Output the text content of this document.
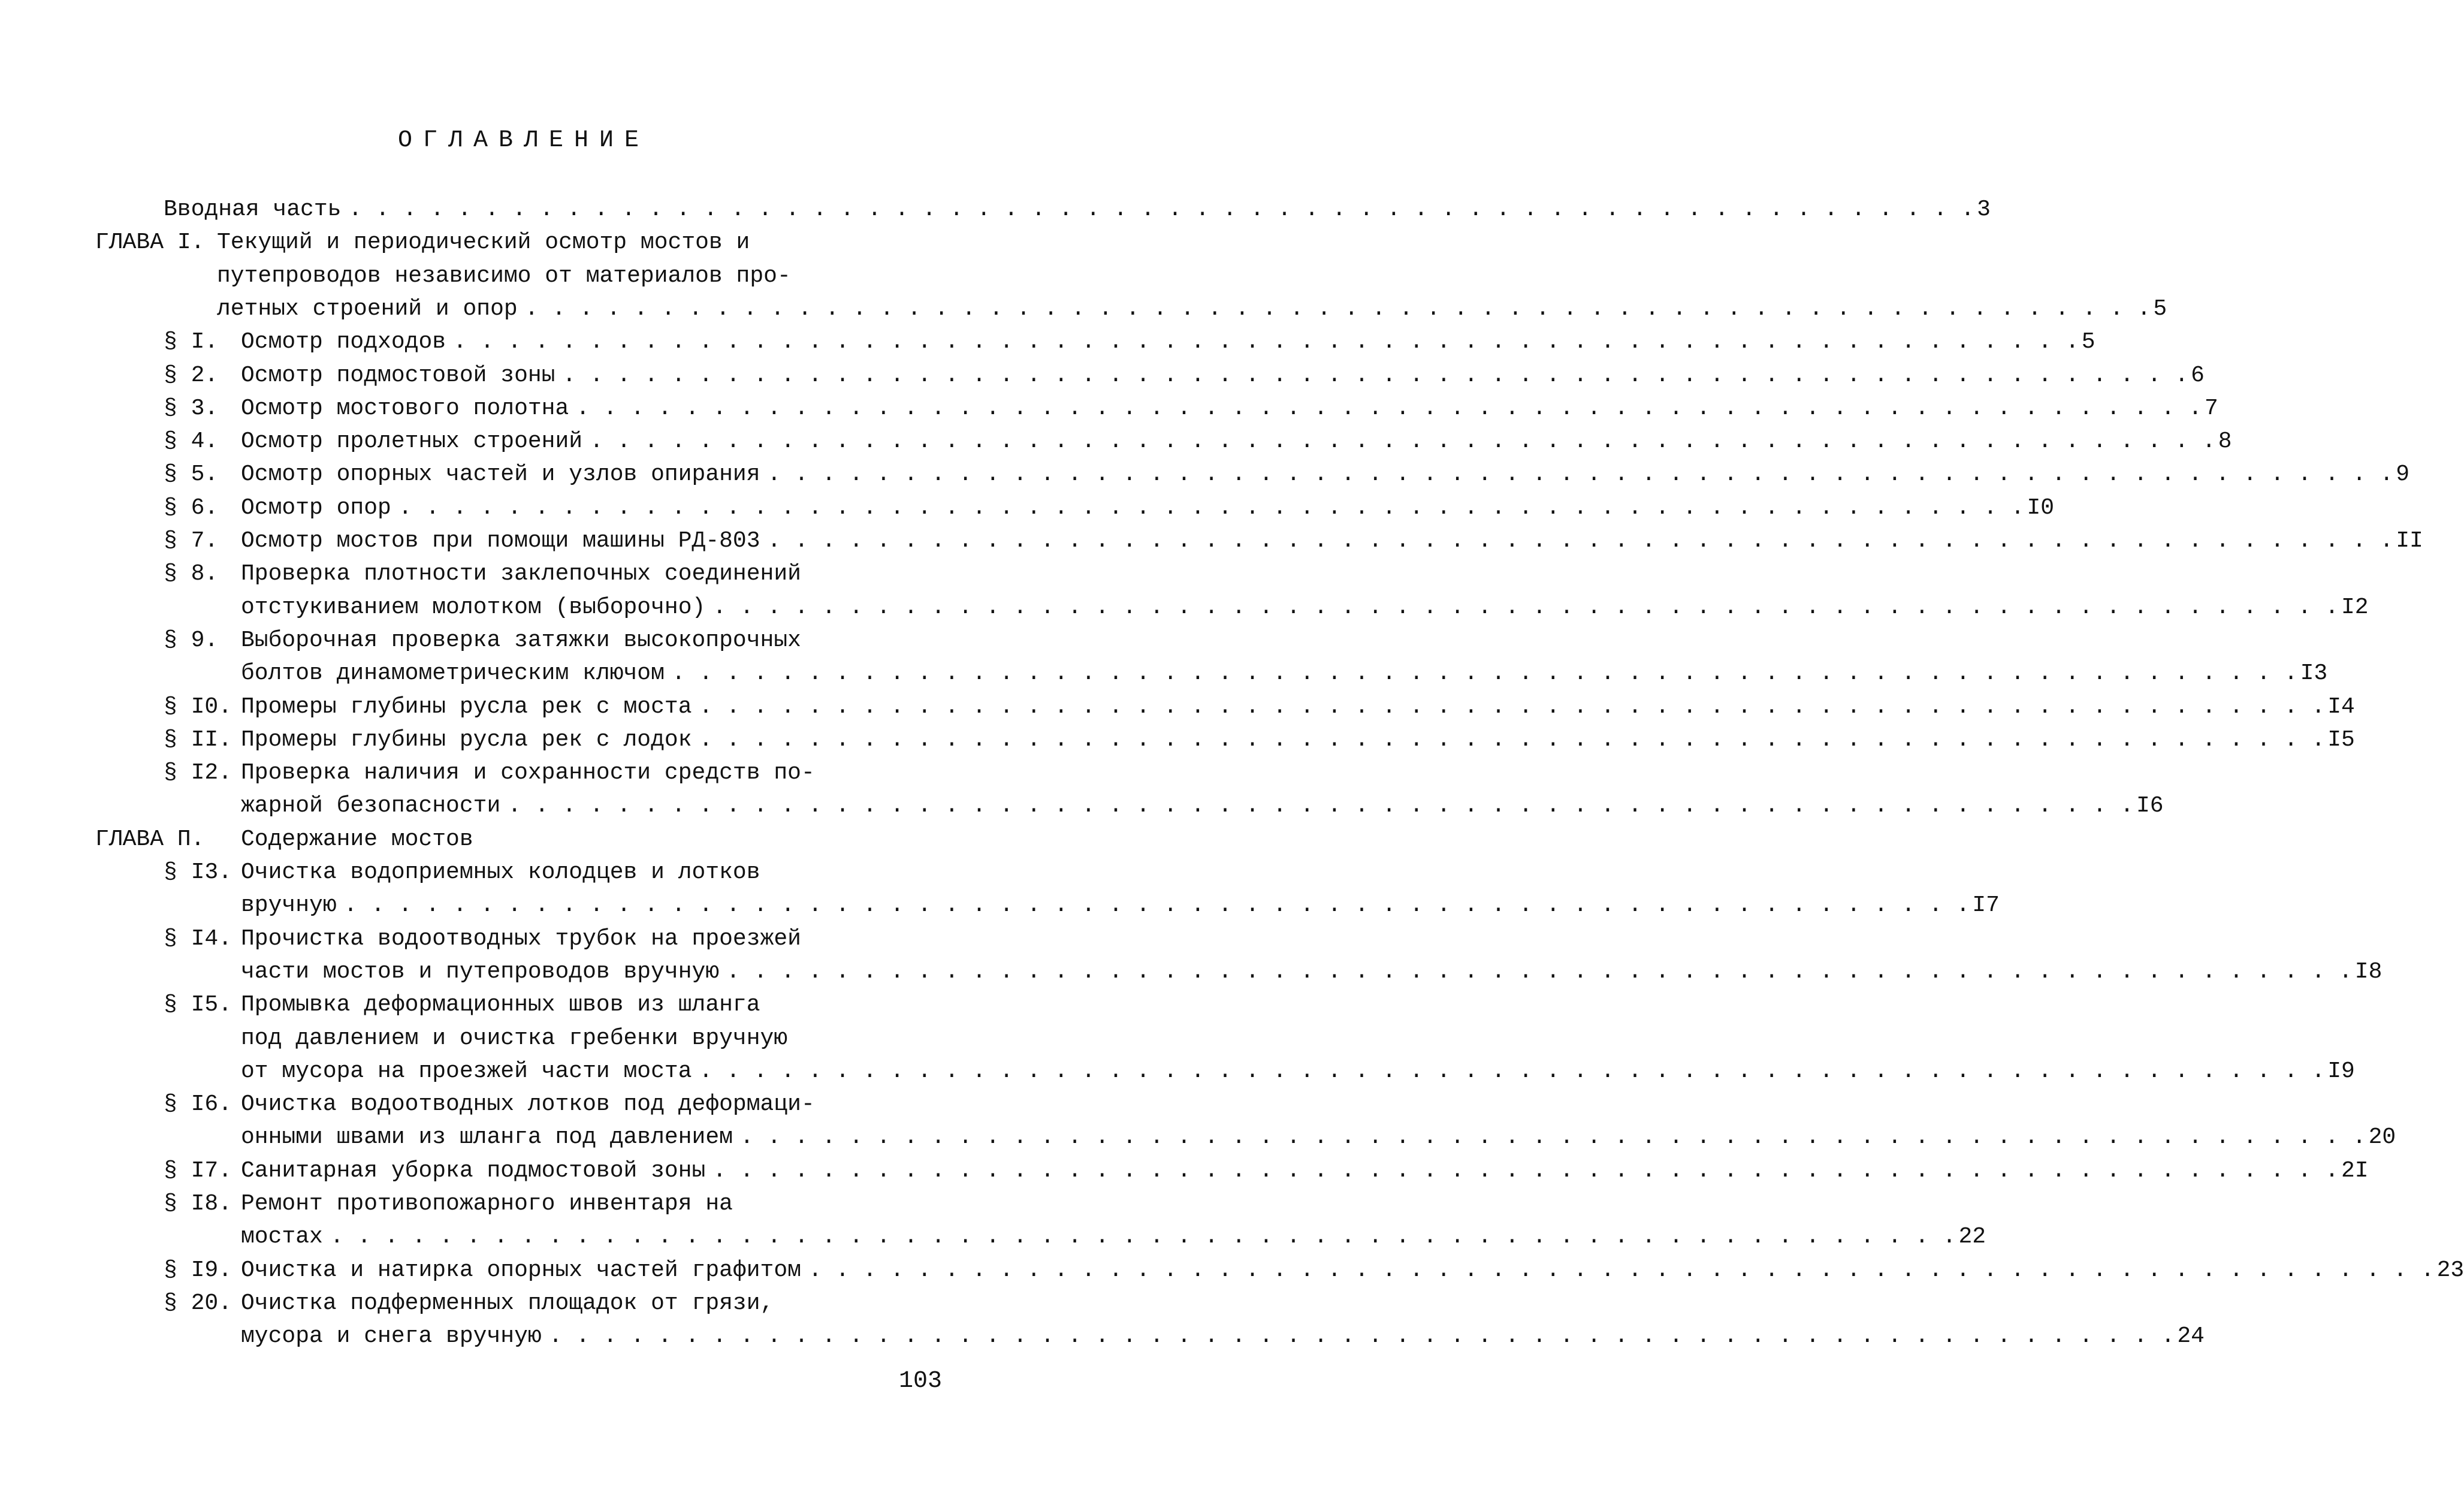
ОГЛАВЛЕНИЕ
Вводная часть . . . . . . . . . . . . . . . . . . . . . . . . . . . . . . . . . . . . . . . . . . . . . . . . . . . . . . . . . . . . 3
ГЛАВА I. Текущий и периодический осмотр мостов и
путепроводов независимо от материалов про-
летных строений и опор . . . . . . . . . . . . . . . . . . . . . . . . . . . . . . . . . . . . . . . . . . . . . . . . . . . . . . . . . . . . 5
§ I. Осмотр подходов . . . . . . . . . . . . . . . . . . . . . . . . . . . . . . . . . . . . . . . . . . . . . . . . . . . . . . . . . . . . 5
§ 2. Осмотр подмостовой зоны . . . . . . . . . . . . . . . . . . . . . . . . . . . . . . . . . . . . . . . . . . . . . . . . . . . . . . . . . . . . 6
§ 3. Осмотр мостового полотна . . . . . . . . . . . . . . . . . . . . . . . . . . . . . . . . . . . . . . . . . . . . . . . . . . . . . . . . . . . . 7
§ 4. Осмотр пролетных строений . . . . . . . . . . . . . . . . . . . . . . . . . . . . . . . . . . . . . . . . . . . . . . . . . . . . . . . . . . . . 8
§ 5. Осмотр опорных частей и узлов опирания . . . . . . . . . . . . . . . . . . . . . . . . . . . . . . . . . . . . . . . . . . . . . . . . . . . . . . . . . . . . 9
§ 6. Осмотр опор . . . . . . . . . . . . . . . . . . . . . . . . . . . . . . . . . . . . . . . . . . . . . . . . . . . . . . . . . . . . I0
§ 7. Осмотр мостов при помощи машины РД-803 . . . . . . . . . . . . . . . . . . . . . . . . . . . . . . . . . . . . . . . . . . . . . . . . . . . . . . . . . . . . II
§ 8. Проверка плотности заклепочных соединений
отстукиванием молотком (выборочно) . . . . . . . . . . . . . . . . . . . . . . . . . . . . . . . . . . . . . . . . . . . . . . . . . . . . . . . . . . . . I2
§ 9. Выборочная проверка затяжки высокопрочных
болтов динамометрическим ключом . . . . . . . . . . . . . . . . . . . . . . . . . . . . . . . . . . . . . . . . . . . . . . . . . . . . . . . . . . . . I3
§ I0. Промеры глубины русла рек с моста . . . . . . . . . . . . . . . . . . . . . . . . . . . . . . . . . . . . . . . . . . . . . . . . . . . . . . . . . . . . I4
§ II. Промеры глубины русла рек с лодок . . . . . . . . . . . . . . . . . . . . . . . . . . . . . . . . . . . . . . . . . . . . . . . . . . . . . . . . . . . . I5
§ I2. Проверка наличия и сохранности средств по-
жарной безопасности . . . . . . . . . . . . . . . . . . . . . . . . . . . . . . . . . . . . . . . . . . . . . . . . . . . . . . . . . . . . I6
ГЛАВА П. Содержание мостов
§ I3. Очистка водоприемных колодцев и лотков
вручную . . . . . . . . . . . . . . . . . . . . . . . . . . . . . . . . . . . . . . . . . . . . . . . . . . . . . . . . . . . . I7
§ I4. Прочистка водоотводных трубок на проезжей
части мостов и путепроводов вручную . . . . . . . . . . . . . . . . . . . . . . . . . . . . . . . . . . . . . . . . . . . . . . . . . . . . . . . . . . . . I8
§ I5. Промывка деформационных швов из шланга
под давлением и очистка гребенки вручную
от мусора на проезжей части моста . . . . . . . . . . . . . . . . . . . . . . . . . . . . . . . . . . . . . . . . . . . . . . . . . . . . . . . . . . . . I9
§ I6. Очистка водоотводных лотков под деформаци-
онными швами из шланга под давлением . . . . . . . . . . . . . . . . . . . . . . . . . . . . . . . . . . . . . . . . . . . . . . . . . . . . . . . . . . . . 20
§ I7. Санитарная уборка подмостовой зоны . . . . . . . . . . . . . . . . . . . . . . . . . . . . . . . . . . . . . . . . . . . . . . . . . . . . . . . . . . . . 2I
§ I8. Ремонт противопожарного инвентаря на
мостах . . . . . . . . . . . . . . . . . . . . . . . . . . . . . . . . . . . . . . . . . . . . . . . . . . . . . . . . . . . . 22
§ I9. Очистка и натирка опорных частей графитом . . . . . . . . . . . . . . . . . . . . . . . . . . . . . . . . . . . . . . . . . . . . . . . . . . . . . . . . . . . . 23
§ 20. Очистка подферменных площадок от грязи,
мусора и снега вручную . . . . . . . . . . . . . . . . . . . . . . . . . . . . . . . . . . . . . . . . . . . . . . . . . . . . . . . . . . . . 24
103
